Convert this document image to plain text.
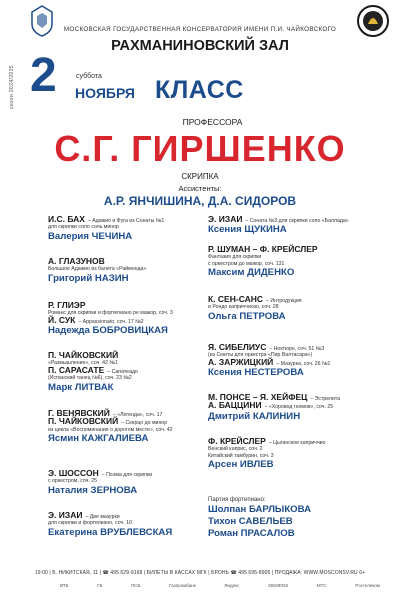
МОСКОВСКАЯ ГОСУДАРСТВЕННАЯ КОНСЕРВАТОРИЯ ИМЕНИ П.И. ЧАЙКОВСКОГО
РАХМАНИНОВСКИЙ ЗАЛ
сезон 2024/2025 2	суббота
НОЯБРЯ КЛАСС
ПРОФЕССОРА
С.Г. ГИРШЕНКО
СКРИПКА
Ассистенты:
А.Р. ЯНЧИШИНА, Д.А. СИДОРОВ
И.С. БАХ – Адажио и Фуга из Сонаты №1
для скрипки соло соль минор
Валерия ЧЕЧИНА
А. ГЛАЗУНОВ
Большое Адажио из балета «Раймонда»
Григорий НАЗИН
Р. ГЛИЭР
Романс для скрипки и фортепиано ре мажор, соч. 3
Й. СУК – Appassionato, соч. 17 №2
Надежда БОБРОВИЦКАЯ
П. ЧАЙКОВСКИЙ
«Размышление», соч. 42 №1
П. САРАСАТЕ – Сапатеадо
(Испанский танец №6), соч. 23 №2
Марк ЛИТВАК
Г. ВЕНЯВСКИЙ – «Легенда», соч. 17
П. ЧАЙКОВСКИЙ – Скерцо до минор
из цикла «Воспоминания о дорогом месте», соч. 42
Ясмин КАЖГАЛИЕВА
Э. ШОССОН – Поэма для скрипки
с оркестром, соч. 25
Наталия ЗЕРНОВА
Э. ИЗАИ – Две мазурки
для скрипки и фортепиано, соч. 10
Екатерина ВРУБЛЕВСКАЯ
Э. ИЗАИ – Соната №3 для скрипки соло «Баллада»
Ксения ЩУКИНА
Р. ШУМАН – Ф. КРЕЙСЛЕР
Фантазия для скрипки
с оркестром до мажор, соч. 131
Максим ДИДЕНКО
К. СЕН-САНС – Интродукция
и Рондо каприччиозо, соч. 28
Ольга ПЕТРОВА
Я. СИБЕЛИУС – Ноктюрн, соч. 51 №3
(из Сюиты для оркестра «Пир Валтасара»)
А. ЗАРЖИЦКИЙ – Мазурка, соч. 26 №1
Ксения НЕСТЕРОВА
М. ПОНСЕ – Я. ХЕЙФЕЦ – Эстрелита
А. БАЦЦИНИ – «Хоровод гномов», соч. 25
Дмитрий КАЛИНИН
Ф. КРЕЙСЛЕР – Цыганское каприччио
Венский каприс, соч. 2
Китайский тамбурин, соч. 3
Арсен ИВЛЕВ
Партия фортепиано:
Шолпан БАРЛЫКОВА
Тихон САВЕЛЬЕВ
Роман ПРАСАЛОВ
19:00 | Б. НИКИТСКАЯ, 11 | ☎ 495 629-9168 | БИЛЕТЫ В КАССАХ МГК | БРОНЬ ☎ 495 695-8905 | ПРОДАЖА: WWW.MOSCONSV.RU 6+
ВТБ	ГБ	ПСБ	Газпромбанк	Яндекс	SIEMENS	МТС	Ростелеком
